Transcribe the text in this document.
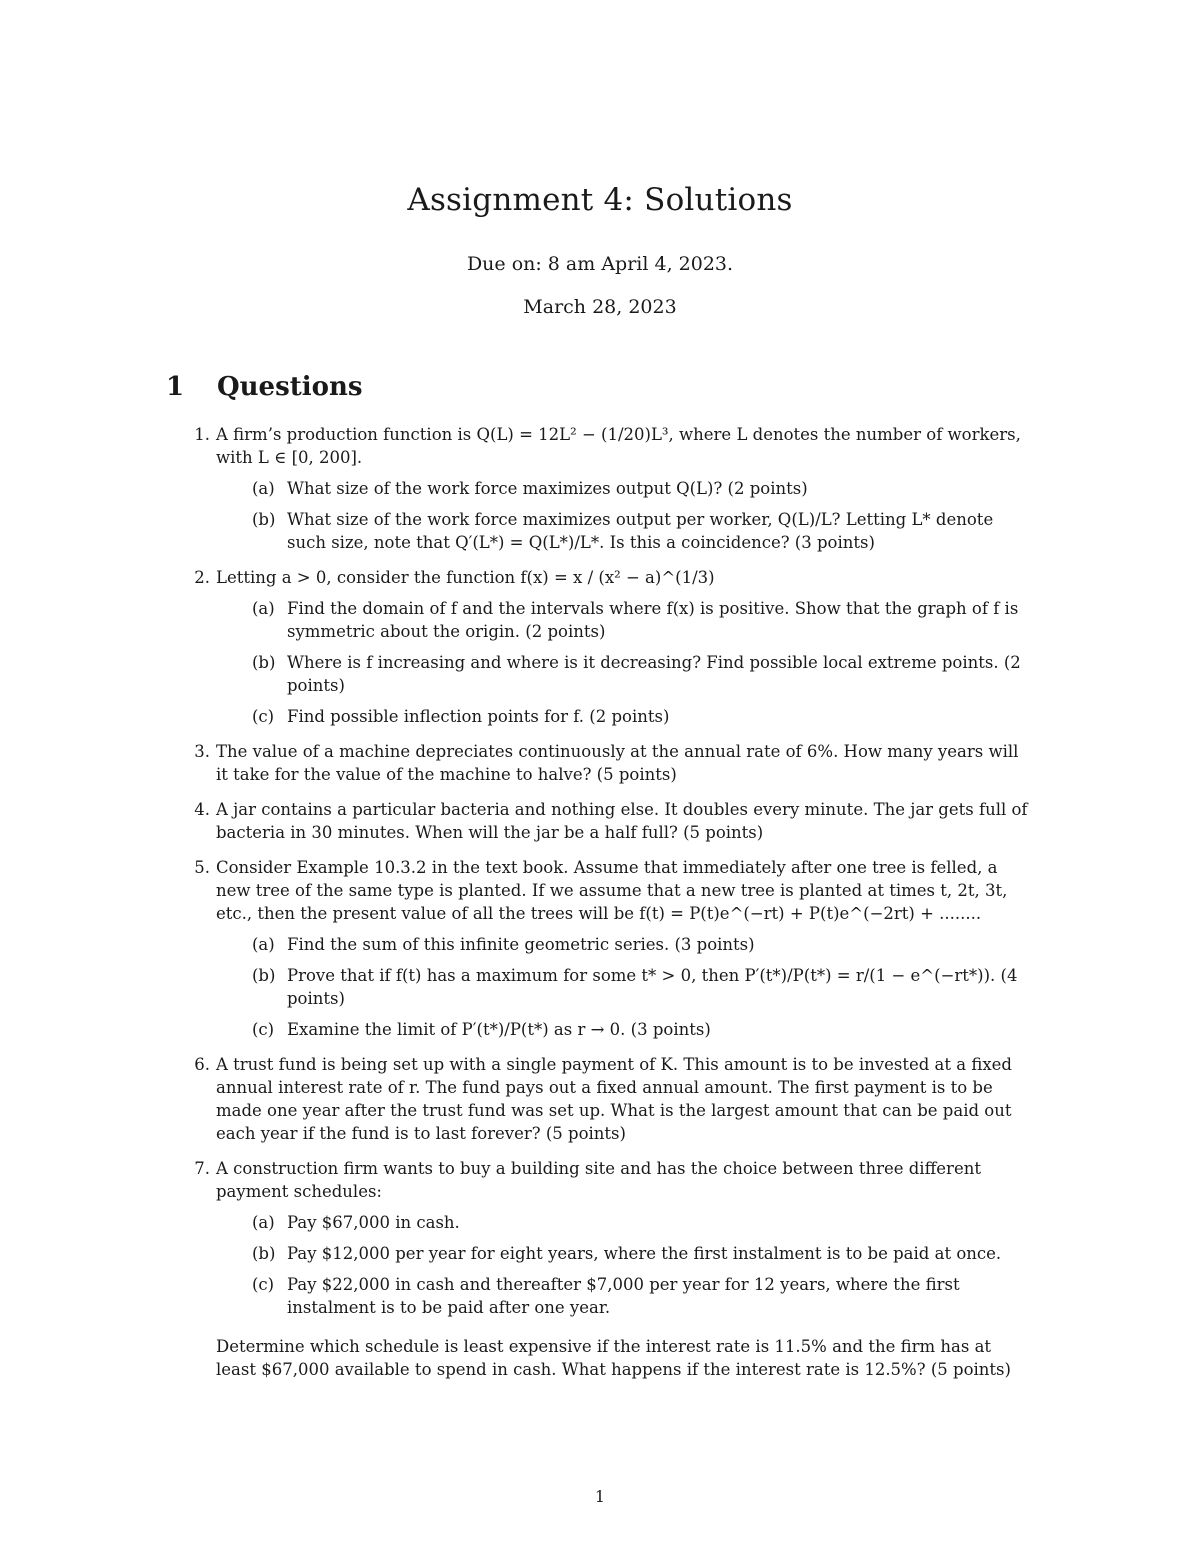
Assignment 4: Solutions
Due on: 8 am April 4, 2023.
March 28, 2023
1 Questions
1. A firm’s production function is Q(L) = 12L² − (1/20)L³, where L denotes the number of workers, with L ∈ [0, 200].
(a) What size of the work force maximizes output Q(L)? (2 points)
(b) What size of the work force maximizes output per worker, Q(L)/L? Letting L* denote such size, note that Q′(L*) = Q(L*)/L*. Is this a coincidence? (3 points)
2. Letting a > 0, consider the function f(x) = x / (x² − a)^(1/3)
(a) Find the domain of f and the intervals where f(x) is positive. Show that the graph of f is symmetric about the origin. (2 points)
(b) Where is f increasing and where is it decreasing? Find possible local extreme points. (2 points)
(c) Find possible inflection points for f. (2 points)
3. The value of a machine depreciates continuously at the annual rate of 6%. How many years will it take for the value of the machine to halve? (5 points)
4. A jar contains a particular bacteria and nothing else. It doubles every minute. The jar gets full of bacteria in 30 minutes. When will the jar be a half full? (5 points)
5. Consider Example 10.3.2 in the text book. Assume that immediately after one tree is felled, a new tree of the same type is planted. If we assume that a new tree is planted at times t, 2t, 3t, etc., then the present value of all the trees will be f(t) = P(t)e^(−rt) + P(t)e^(−2rt) + ........
(a) Find the sum of this infinite geometric series. (3 points)
(b) Prove that if f(t) has a maximum for some t* > 0, then P′(t*)/P(t*) = r/(1 − e^(−rt*)). (4 points)
(c) Examine the limit of P′(t*)/P(t*) as r → 0. (3 points)
6. A trust fund is being set up with a single payment of K. This amount is to be invested at a fixed annual interest rate of r. The fund pays out a fixed annual amount. The first payment is to be made one year after the trust fund was set up. What is the largest amount that can be paid out each year if the fund is to last forever? (5 points)
7. A construction firm wants to buy a building site and has the choice between three different payment schedules:
(a) Pay $67,000 in cash.
(b) Pay $12,000 per year for eight years, where the first instalment is to be paid at once.
(c) Pay $22,000 in cash and thereafter $7,000 per year for 12 years, where the first instalment is to be paid after one year.
Determine which schedule is least expensive if the interest rate is 11.5% and the firm has at least $67,000 available to spend in cash. What happens if the interest rate is 12.5%? (5 points)
1
